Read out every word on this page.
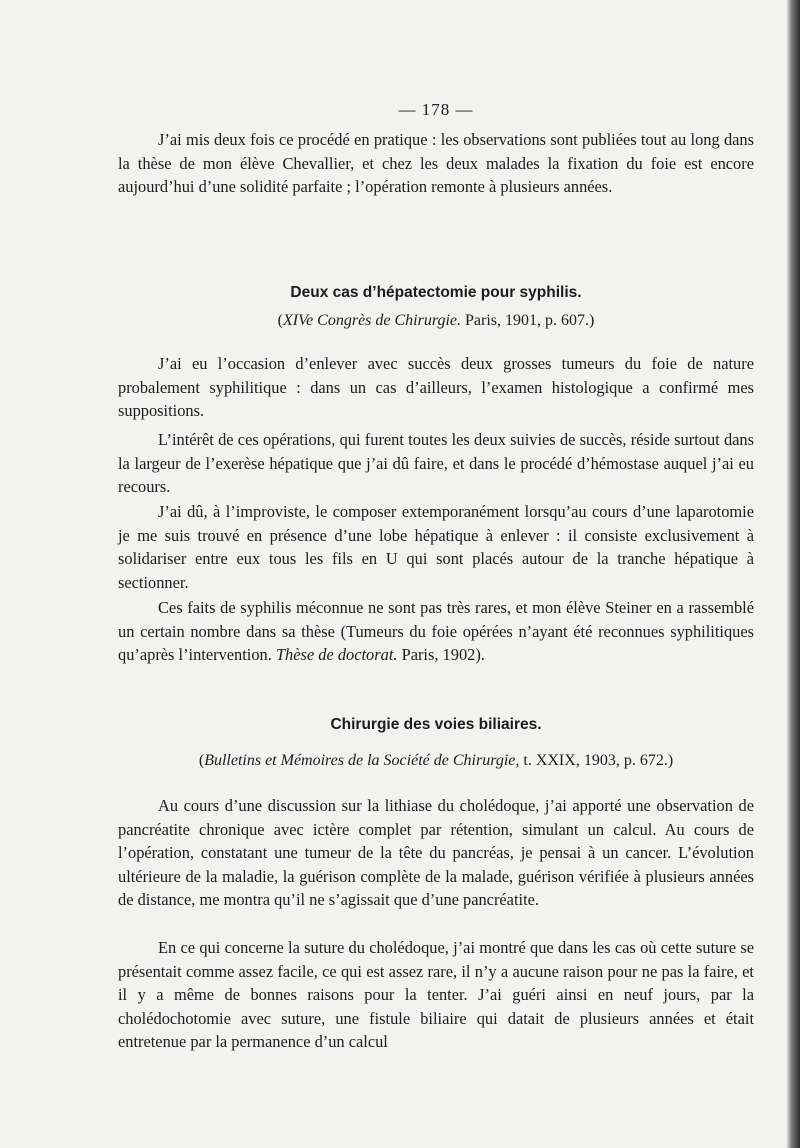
— 178 —

J’ai mis deux fois ce procédé en pratique : les observations sont publiées tout au long dans la thèse de mon élève Chevallier, et chez les deux malades la fixation du foie est encore aujourd’hui d’une solidité parfaite ; l’opération remonte à plusieurs années.

Deux cas d’hépatectomie pour syphilis.

(XIVe Congrès de Chirurgie. Paris, 1901, p. 607.)

J’ai eu l’occasion d’enlever avec succès deux grosses tumeurs du foie de nature probalement syphilitique : dans un cas d’ailleurs, l’examen histologique a confirmé mes suppositions.

L’intérêt de ces opérations, qui furent toutes les deux suivies de succès, réside surtout dans la largeur de l’exerèse hépatique que j’ai dû faire, et dans le procédé d’hémostase auquel j’ai eu recours.

J’ai dû, à l’improviste, le composer extemporanément lorsqu’au cours d’une laparotomie je me suis trouvé en présence d’une lobe hépatique à enlever : il consiste exclusivement à solidariser entre eux tous les fils en U qui sont placés autour de la tranche hépatique à sectionner.

Ces faits de syphilis méconnue ne sont pas très rares, et mon élève Steiner en a rassemblé un certain nombre dans sa thèse (Tumeurs du foie opérées n’ayant été reconnues syphilitiques qu’après l’intervention. Thèse de doctorat. Paris, 1902).

Chirurgie des voies biliaires.

(Bulletins et Mémoires de la Société de Chirurgie, t. XXIX, 1903, p. 672.)

Au cours d’une discussion sur la lithiase du cholédoque, j’ai apporté une observation de pancréatite chronique avec ictère complet par rétention, simulant un calcul. Au cours de l’opération, constatant une tumeur de la tête du pancréas, je pensai à un cancer. L’évolution ultérieure de la maladie, la guérison complète de la malade, guérison vérifiée à plusieurs années de distance, me montra qu’il ne s’agissait que d’une pancréatite.

En ce qui concerne la suture du cholédoque, j’ai montré que dans les cas où cette suture se présentait comme assez facile, ce qui est assez rare, il n’y a aucune raison pour ne pas la faire, et il y a même de bonnes raisons pour la tenter. J’ai guéri ainsi en neuf jours, par la cholédochotomie avec suture, une fistule biliaire qui datait de plusieurs années et était entretenue par la permanence d’un calcul
